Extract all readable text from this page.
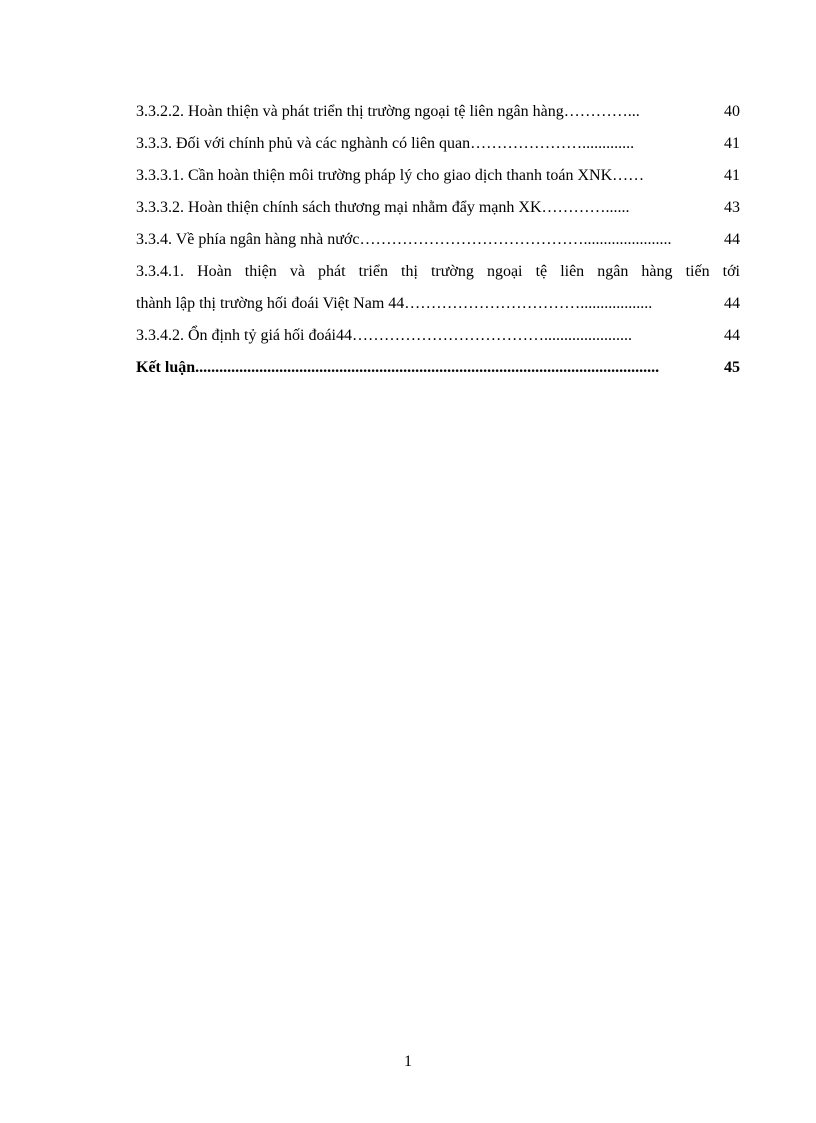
3.3.2.2. Hoàn thiện và phát triển thị trường ngoại tệ liên ngân hàng …………...	40
3.3.3. Đối với chính phủ và các nghành có liên quan ………………….............	41
3.3.3.1. Cần hoàn thiện môi trường pháp lý cho giao dịch thanh toán XNK ……	41
3.3.3.2. Hoàn thiện chính sách thương mại nhằm đẩy mạnh XK …………......	43
3.3.4. Về phía ngân hàng nhà nước ……………………………………......................	44
3.3.4.1. Hoàn thiện và phát triển thị trường ngoại tệ liên ngân hàng tiến tới
thành lập thị trường hối đoái Việt Nam 44 ……………………………..................	44
3.3.4.2. Ổn định tỷ giá hối đoái44 ………………………………......................	44
Kết luận ....................................................................................................................	45
1
